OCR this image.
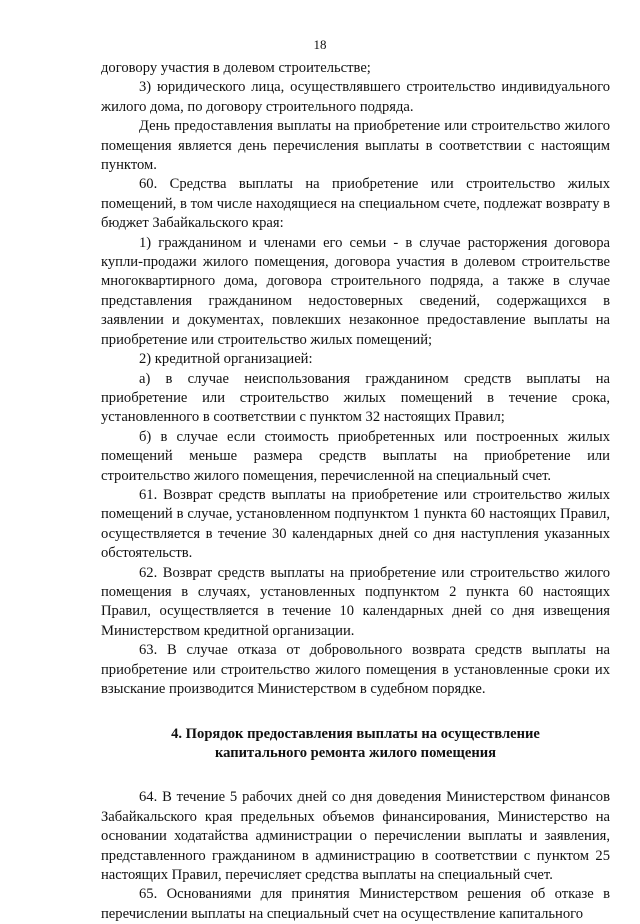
18

договору участия в долевом строительстве;

3) юридического лица, осуществлявшего строительство индивидуального жилого дома, по договору строительного подряда.

День предоставления выплаты на приобретение или строительство жилого помещения является день перечисления выплаты в соответствии с настоящим пунктом.

60. Средства выплаты на приобретение или строительство жилых помещений, в том числе находящиеся на специальном счете, подлежат возврату в бюджет Забайкальского края:

1) гражданином и членами его семьи - в случае расторжения договора купли-продажи жилого помещения, договора участия в долевом строительстве многоквартирного дома, договора строительного подряда, а также в случае представления гражданином недостоверных сведений, содержащихся в заявлении и документах, повлекших незаконное предоставление выплаты на приобретение или строительство жилых помещений;

2) кредитной организацией:

а) в случае неиспользования гражданином средств выплаты на приобретение или строительство жилых помещений в течение срока, установленного в соответствии с пунктом 32 настоящих Правил;

б) в случае если стоимость приобретенных или построенных жилых помещений меньше размера средств выплаты на приобретение или строительство жилого помещения, перечисленной на специальный счет.

61. Возврат средств выплаты на приобретение или строительство жилых помещений в случае, установленном подпунктом 1 пункта 60 настоящих Правил, осуществляется в течение 30 календарных дней со дня наступления указанных обстоятельств.

62. Возврат средств выплаты на приобретение или строительство жилого помещения в случаях, установленных подпунктом 2 пункта 60 настоящих Правил, осуществляется в течение 10 календарных дней со дня извещения Министерством кредитной организации.

63. В случае отказа от добровольного возврата средств выплаты на приобретение или строительство жилого помещения в установленные сроки их взыскание производится Министерством в судебном порядке.

4. Порядок предоставления выплаты на осуществление
капитального ремонта жилого помещения

64. В течение 5 рабочих дней со дня доведения Министерством финансов Забайкальского края предельных объемов финансирования, Министерство на основании ходатайства администрации о перечислении выплаты и заявления, представленного гражданином в администрацию в соответствии с пунктом 25 настоящих Правил, перечисляет средства выплаты на специальный счет.

65. Основаниями для принятия Министерством решения об отказе в перечислении выплаты на специальный счет на осуществление капитального
